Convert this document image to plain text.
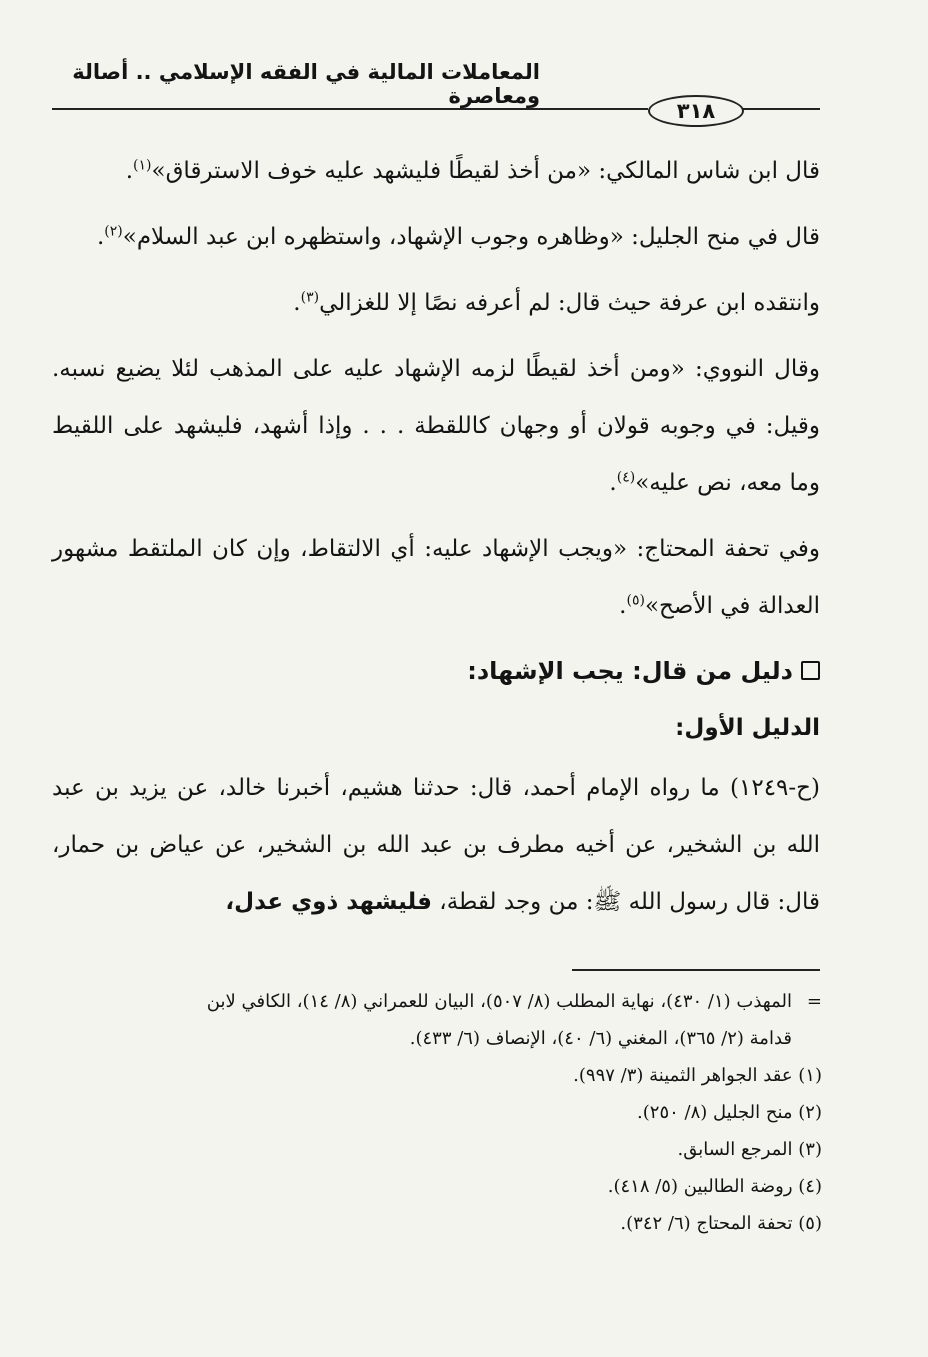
المعاملات المالية في الفقه الإسلامي .. أصالة ومعاصرة
٣١٨

قال ابن شاس المالكي: «من أخذ لقيطًا فليشهد عليه خوف الاسترقاق»$^{(١)}$.

قال في منح الجليل: «وظاهره وجوب الإشهاد، واستظهره ابن عبد السلام»$^{(٢)}$.

وانتقده ابن عرفة حيث قال: لم أعرفه نصًا إلا للغزالي$^{(٣)}$.

وقال النووي: «ومن أخذ لقيطًا لزمه الإشهاد عليه على المذهب لئلا يضيع نسبه. وقيل: في وجوبه قولان أو وجهان كاللقطة . . . وإذا أشهد، فليشهد على اللقيط وما معه، نص عليه»$^{(٤)}$.

وفي تحفة المحتاج: «ويجب الإشهاد عليه: أي الالتقاط، وإن كان الملتقط مشهور العدالة في الأصح»$^{(٥)}$.

دليل من قال: يجب الإشهاد:
الدليل الأول:

(ح-١٢٤٩) ما رواه الإمام أحمد، قال: حدثنا هشيم، أخبرنا خالد، عن يزيد بن عبد الله بن الشخير، عن أخيه مطرف بن عبد الله بن الشخير، عن عياض بن حمار، قال: قال رسول الله ﷺ: من وجد لقطة، فليشهد ذوي عدل،

=المهذب (١/ ٤٣٠)، نهاية المطلب (٨/ ٥٠٧)، البيان للعمراني (٨/ ١٤)، الكافي لابن

قدامة (٢/ ٣٦٥)، المغني (٦/ ٤٠)، الإنصاف (٦/ ٤٣٣).

(١) عقد الجواهر الثمينة (٣/ ٩٩٧).

(٢) منح الجليل (٨/ ٢٥٠).

(٣) المرجع السابق.

(٤) روضة الطالبين (٥/ ٤١٨).

(٥) تحفة المحتاج (٦/ ٣٤٢).
